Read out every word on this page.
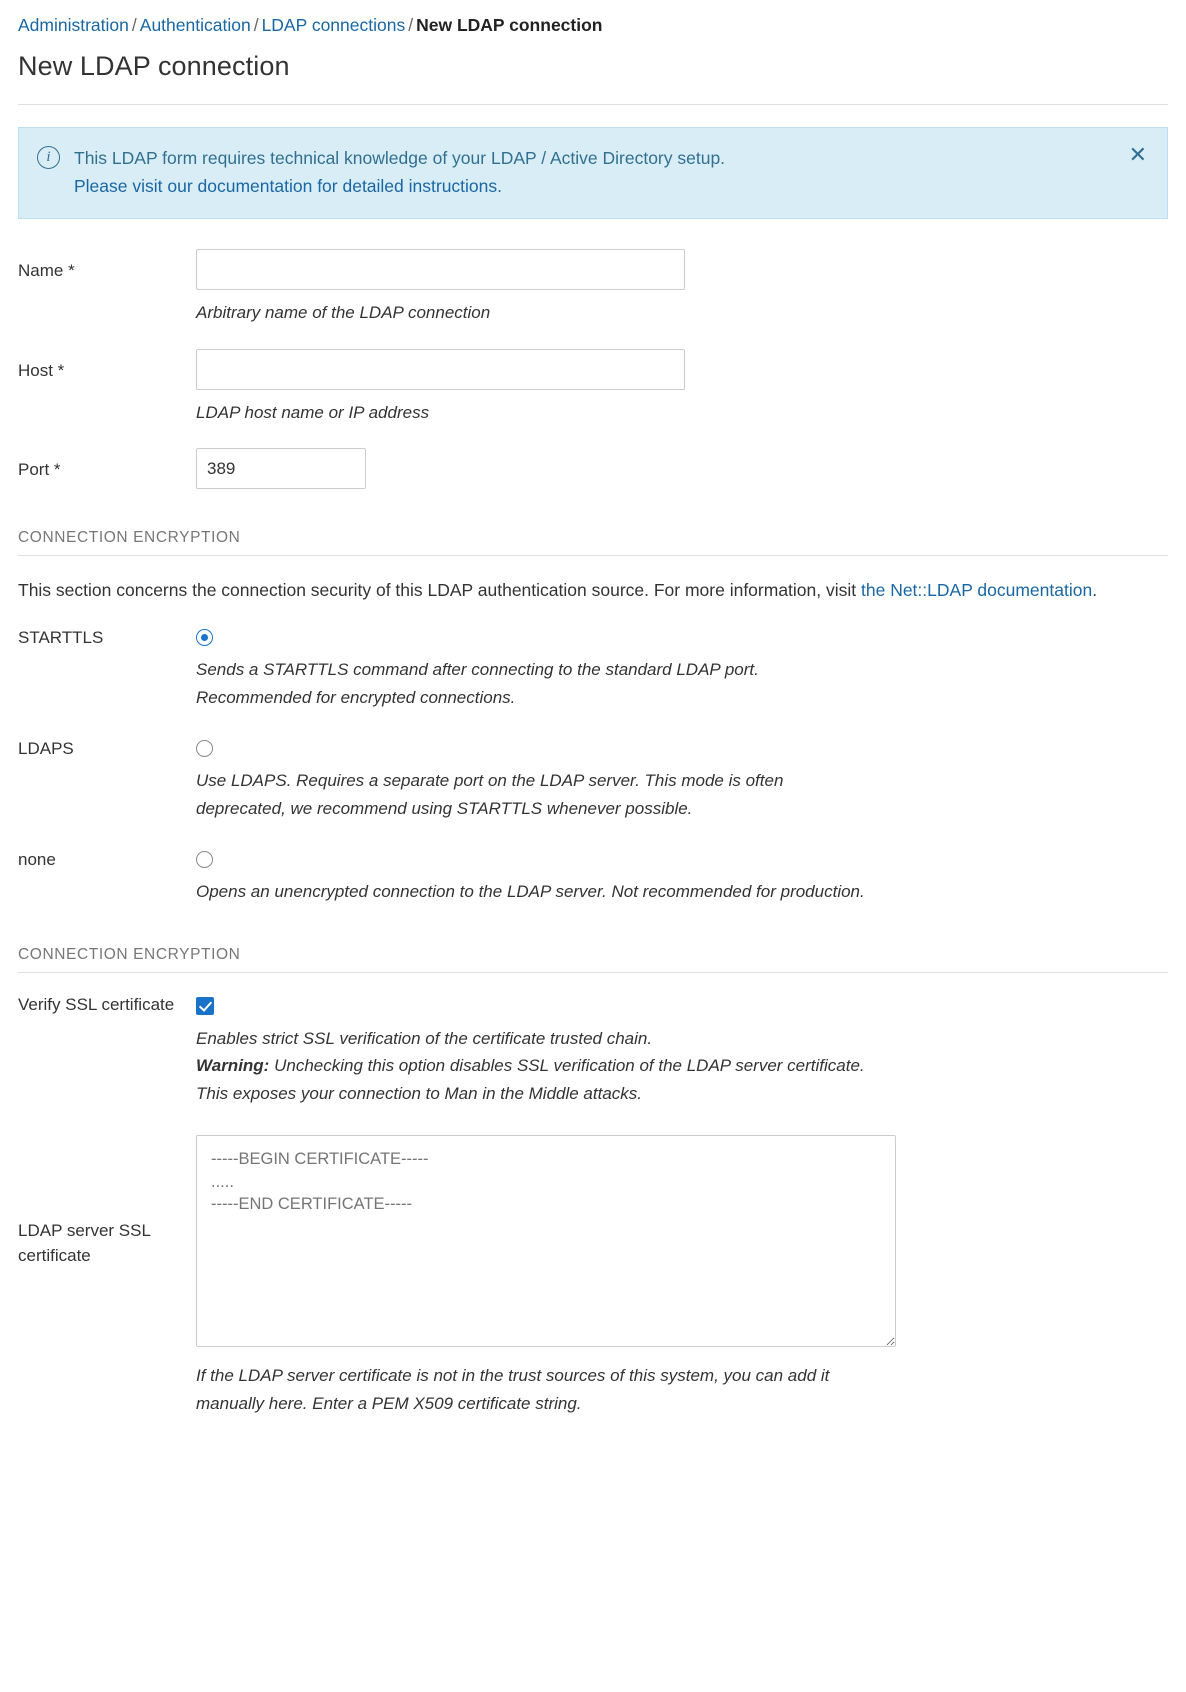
Administration / Authentication / LDAP connections / New LDAP connection
New LDAP connection
i	This LDAP form requires technical knowledge of your LDAP / Active Directory setup.
Please visit our documentation for detailed instructions.
✕
Name *
Arbitrary name of the LDAP connection
Host *
LDAP host name or IP address
Port *
389
CONNECTION ENCRYPTION
This section concerns the connection security of this LDAP authentication source. For more information, visit the Net::LDAP documentation.
STARTTLS
Sends a STARTTLS command after connecting to the standard LDAP port. Recommended for encrypted connections.
LDAPS
Use LDAPS. Requires a separate port on the LDAP server. This mode is often deprecated, we recommend using STARTTLS whenever possible.
none
Opens an unencrypted connection to the LDAP server. Not recommended for production.
CONNECTION ENCRYPTION
Verify SSL certificate
Enables strict SSL verification of the certificate trusted chain.
Warning: Unchecking this option disables SSL verification of the LDAP server certificate. This exposes your connection to Man in the Middle attacks.
LDAP server SSL certificate
-----BEGIN CERTIFICATE----- ..... -----END CERTIFICATE-----
If the LDAP server certificate is not in the trust sources of this system, you can add it manually here. Enter a PEM X509 certificate string.
